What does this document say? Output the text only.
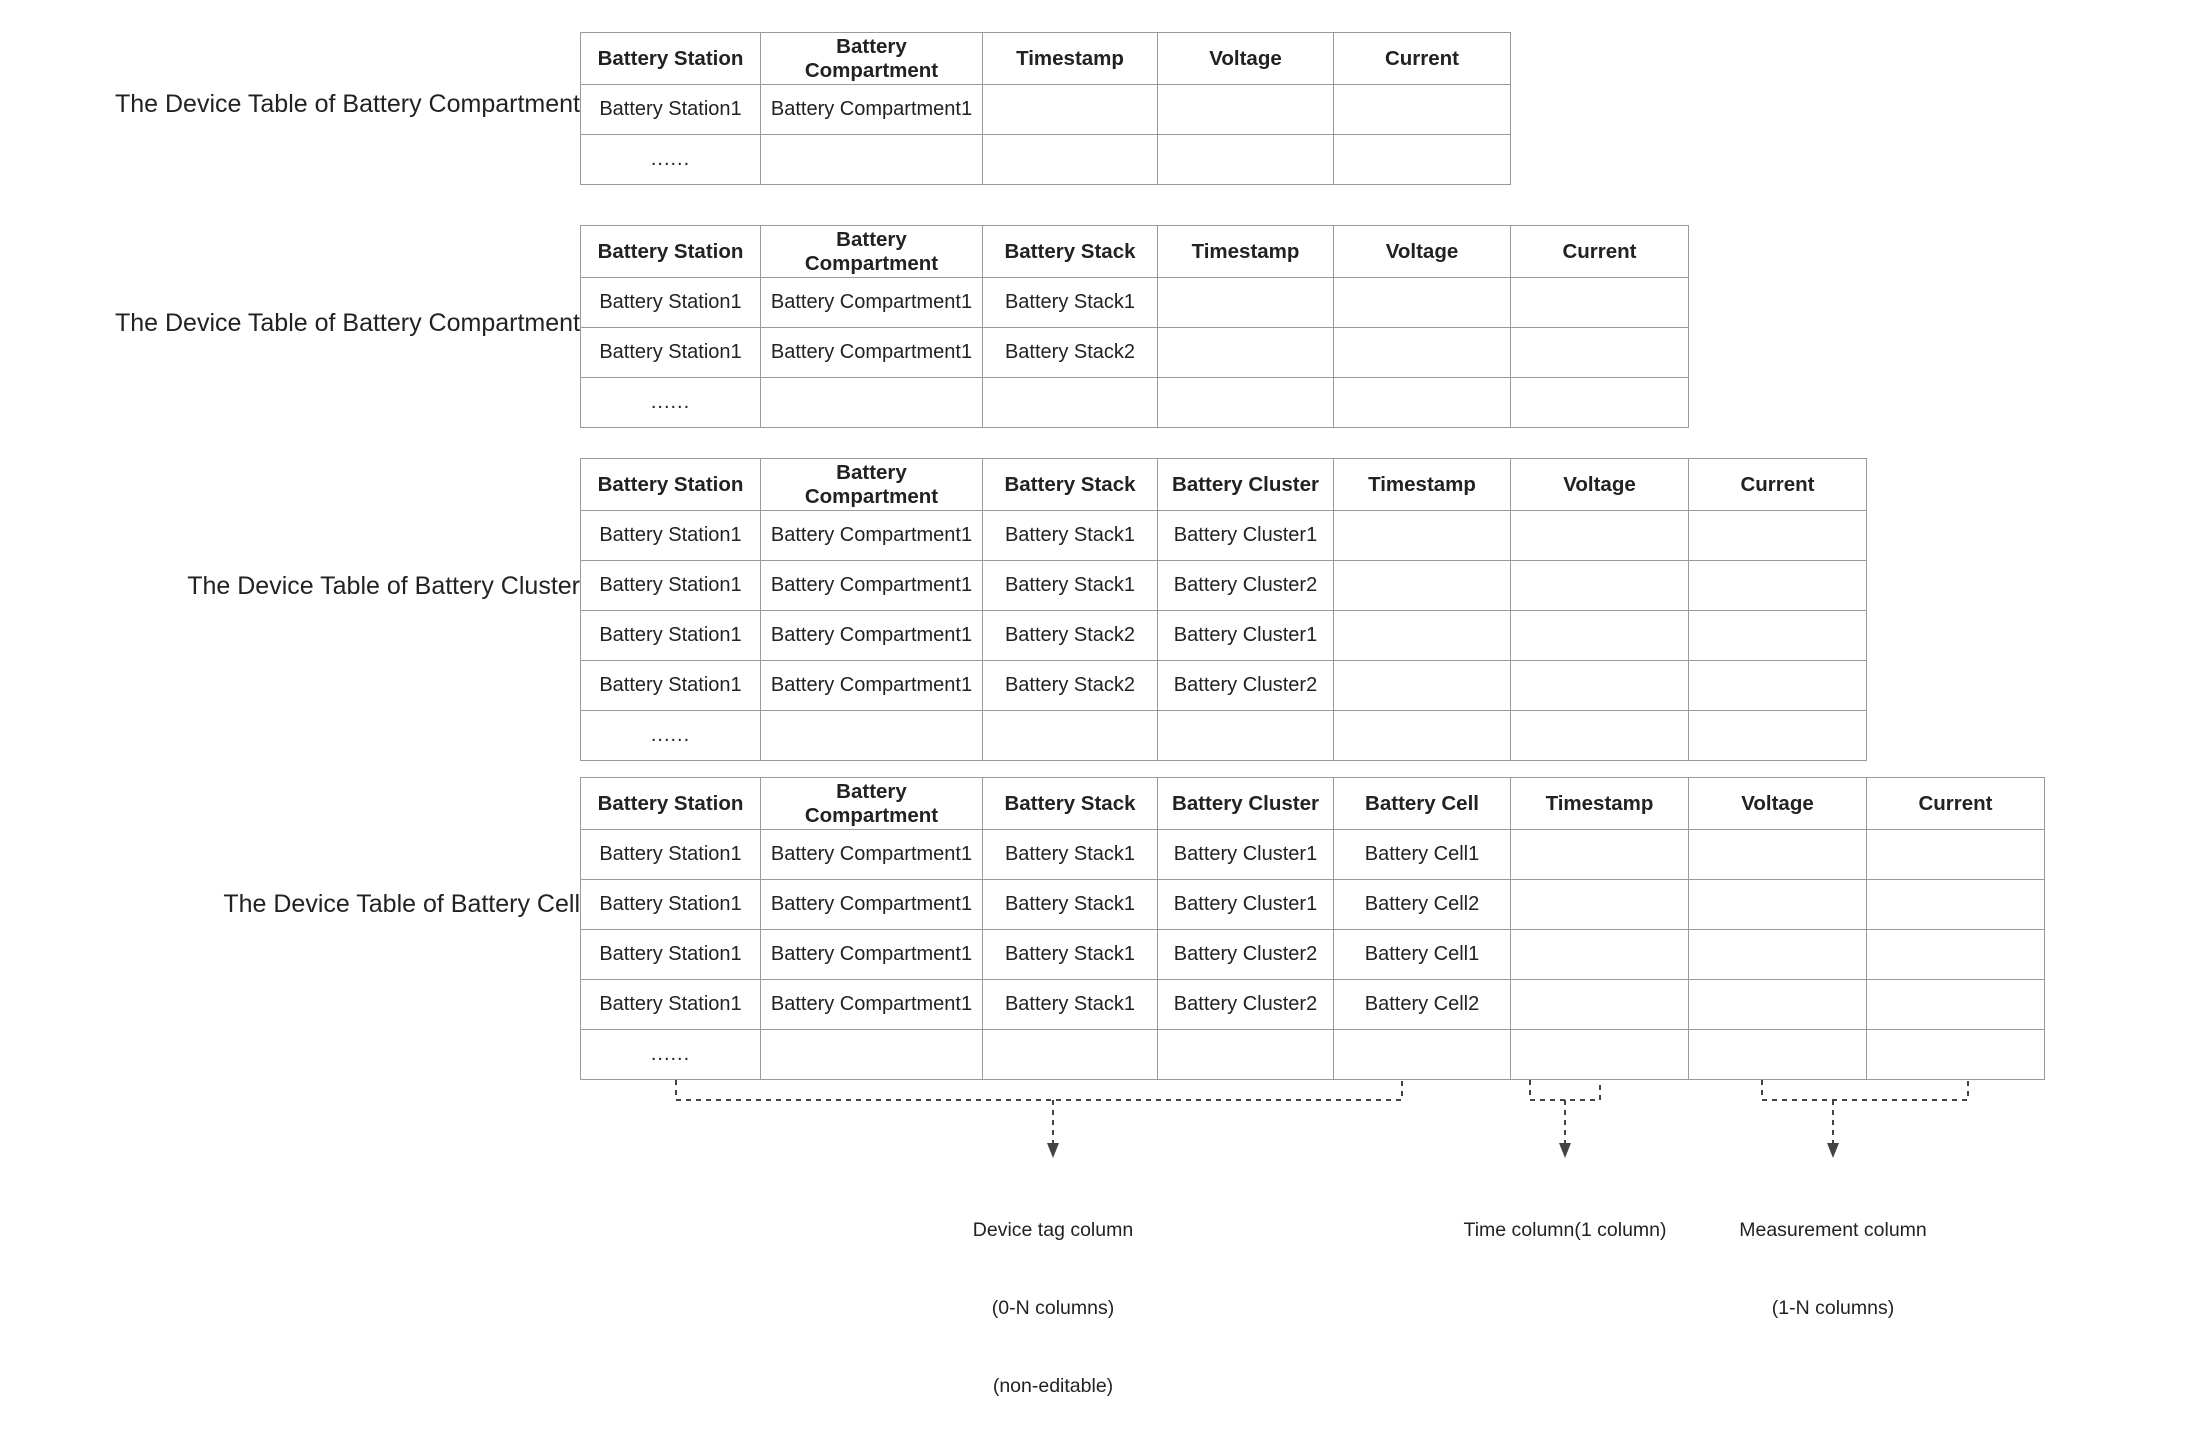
The Device Table of Battery Compartment
Battery Station	Battery Compartment	Timestamp	Voltage	Current
Battery Station1	Battery Compartment1			
......				
The Device Table of Battery Compartment
Battery Station	Battery Compartment	Battery Stack	Timestamp	Voltage	Current
Battery Station1	Battery Compartment1	Battery Stack1			
Battery Station1	Battery Compartment1	Battery Stack2			
......					
The Device Table of Battery Cluster
Battery Station	Battery Compartment	Battery Stack	Battery Cluster	Timestamp	Voltage	Current
Battery Station1	Battery Compartment1	Battery Stack1	Battery Cluster1			
Battery Station1	Battery Compartment1	Battery Stack1	Battery Cluster2			
Battery Station1	Battery Compartment1	Battery Stack2	Battery Cluster1			
Battery Station1	Battery Compartment1	Battery Stack2	Battery Cluster2			
......						
The Device Table of Battery Cell
Battery Station	Battery Compartment	Battery Stack	Battery Cluster	Battery Cell	Timestamp	Voltage	Current
Battery Station1	Battery Compartment1	Battery Stack1	Battery Cluster1	Battery Cell1			
Battery Station1	Battery Compartment1	Battery Stack1	Battery Cluster1	Battery Cell2			
Battery Station1	Battery Compartment1	Battery Stack1	Battery Cluster2	Battery Cell1			
Battery Station1	Battery Compartment1	Battery Stack1	Battery Cluster2	Battery Cell2			
......							

Device tag column

(0-N columns)

(non-editable)

Time column(1 column)

	Measurement column

(1-N columns)
